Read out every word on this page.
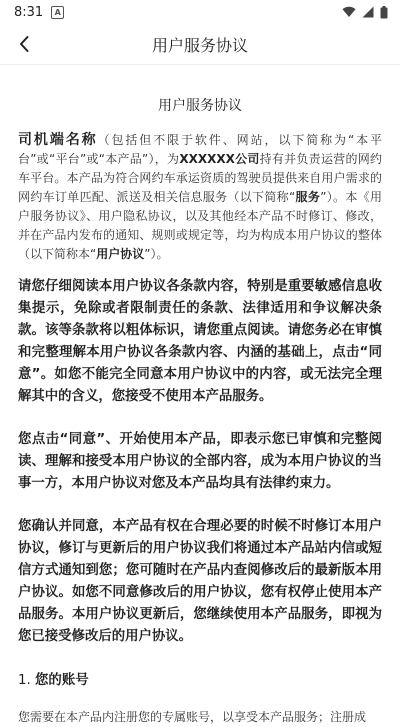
8:31	A
用户服务协议
用户服务协议

司机端名称（包括但不限于软件、网站，以下简称为“本平台”或“平台”或“本产品”），为XXXXXX公司持有并负责运营的网约车平台。本产品为符合网约车承运资质的驾驶员提供来自用户需求的网约车订单匹配、派送及相关信息服务（以下简称“服务”）。本《用户服务协议》、用户隐私协议，以及其他经本产品不时修订、修改，并在产品内发布的通知、规则或规定等，均为构成本用户协议的整体（以下简称本“用户协议”）。

请您仔细阅读本用户协议各条款内容，特别是重要敏感信息收集提示，免除或者限制责任的条款、法律适用和争议解决条款。该等条款将以粗体标识，请您重点阅读。请您务必在审慎和完整理解本用户协议各条款内容、内涵的基础上，点击“同意”。如您不能完全同意本用户协议中的内容，或无法完全理解其中的含义，您接受不使用本产品服务。

您点击“同意”、开始使用本产品，即表示您已审慎和完整阅读、理解和接受本用户协议的全部内容，成为本用户协议的当事一方，本用户协议对您及本产品均具有法律约束力。

您确认并同意，本产品有权在合理必要的时候不时修订本用户协议，修订与更新后的用户协议我们将通过本产品站内信或短信方式通知到您；您可随时在产品内查阅修改后的最新版本用户协议。如您不同意修改后的用户协议，您有权停止使用本产品服务。本用户协议更新后，您继续使用本产品服务，即视为您已接受修改后的用户协议。

1. 您的账号

您需要在本产品内注册您的专属账号，以享受本产品服务；注册成
